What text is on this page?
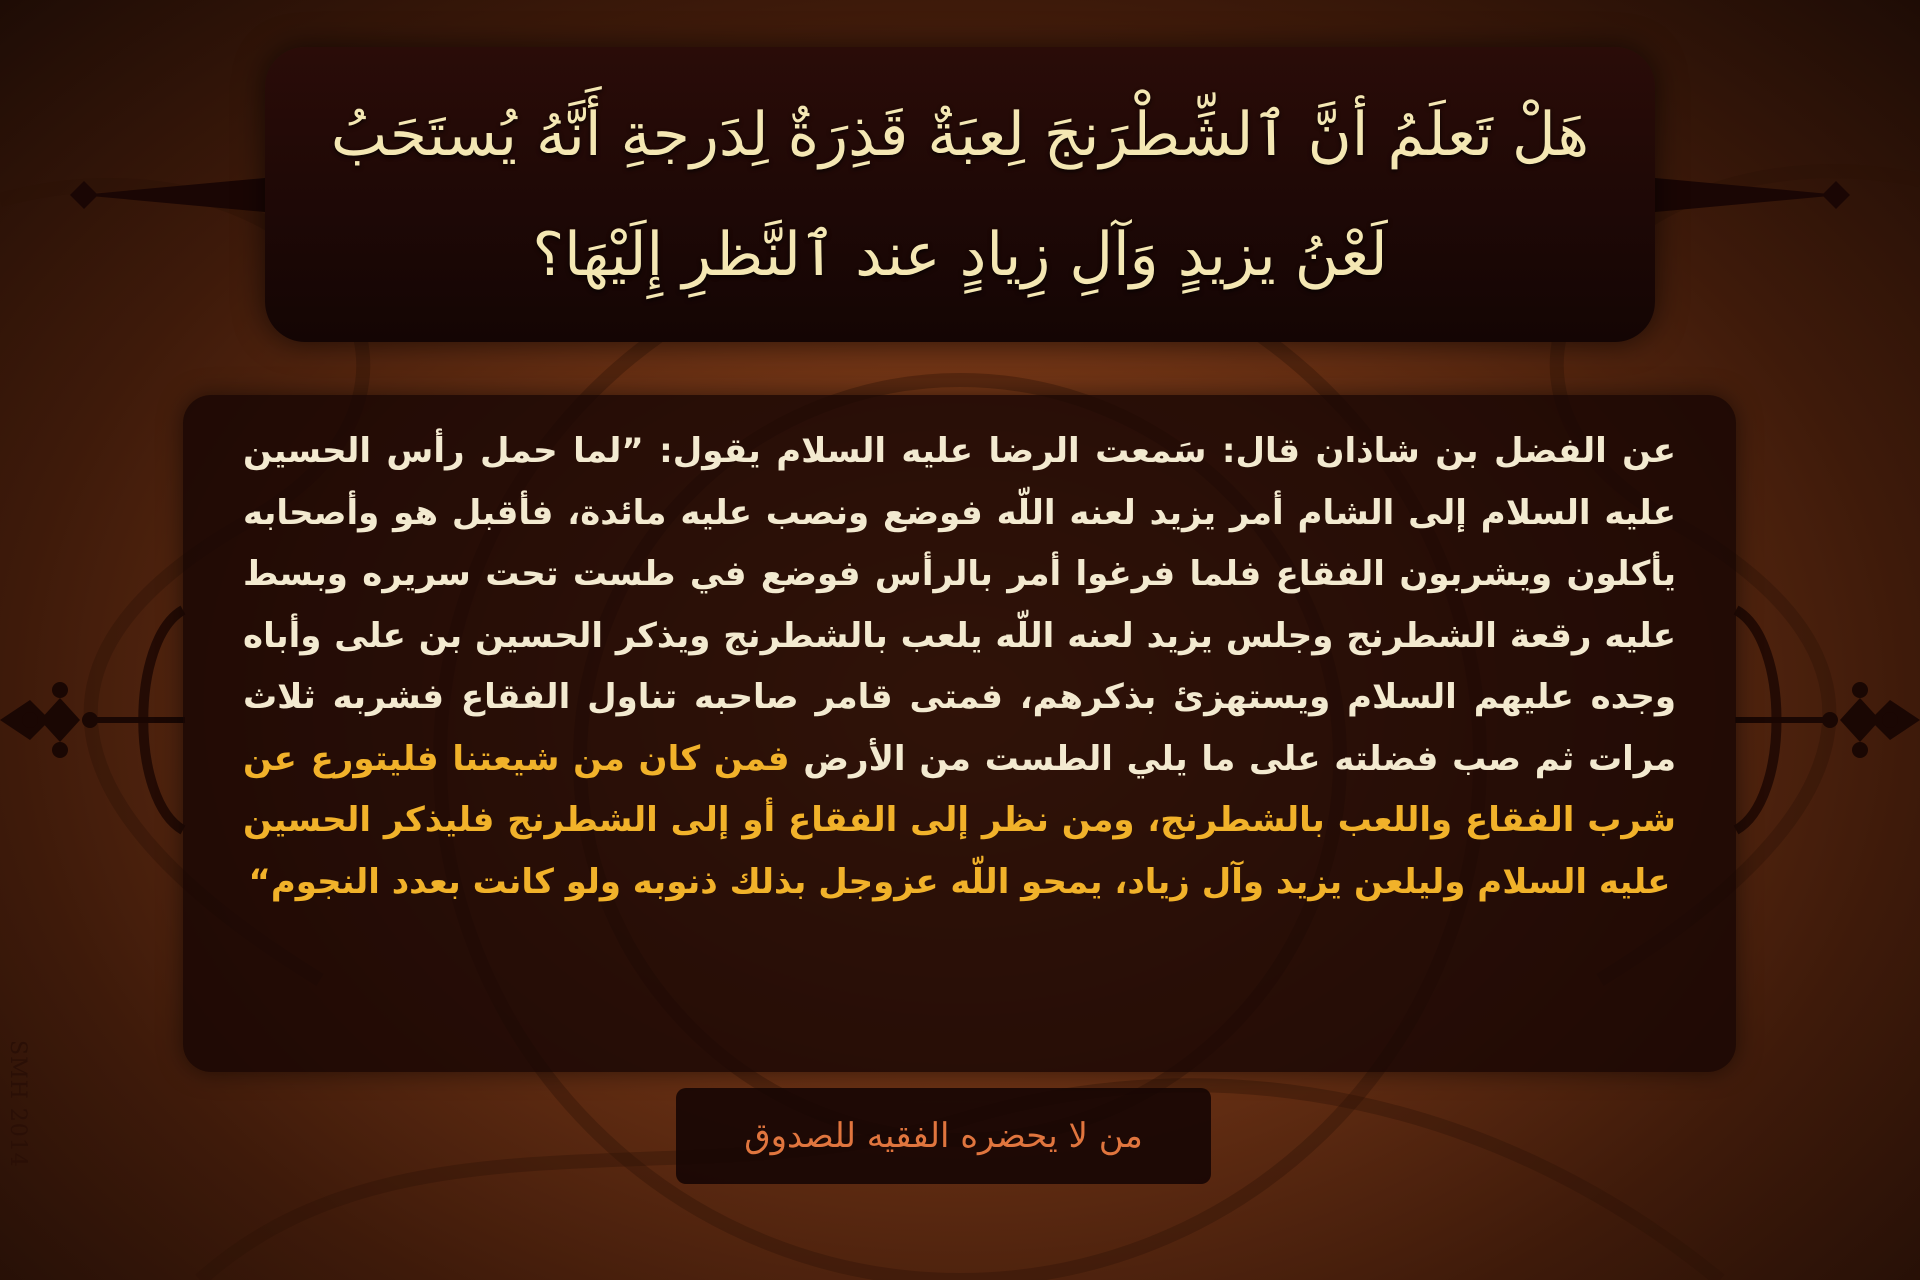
هَلْ تَعلَمُ أنَّ ٱلشِّطْرَنجَ لِعبَةٌ قَذِرَةٌ لِدَرجةِ أَنَّهُ يُستَحَبُ
لَعْنُ يزيدٍ وَآلِ زِيادٍ عند ٱلنَّظرِ إِلَيْهَا؟
عن الفضل بن شاذان قال: سَمعت الرضا عليه السلام يقول: ”لما حمل رأس الحسين عليه السلام إلى الشام أمر يزيد لعنه اللّه فوضع ونصب عليه مائدة، فأقبل هو وأصحابه يأكلون ويشربون الفقاع فلما فرغوا أمر بالرأس فوضع في طست تحت سريره وبسط عليه رقعة الشطرنج وجلس يزيد لعنه اللّه يلعب بالشطرنج ويذكر الحسين بن على وأباه وجده عليهم السلام ويستهزئ بذكرهم، فمتى قامر صاحبه تناول الفقاع فشربه ثلاث مرات ثم صب فضلته على ما يلي الطست من الأرض فمن كان من شيعتنا فليتورع عن شرب الفقاع واللعب بالشطرنج، ومن نظر إلى الفقاع أو إلى الشطرنج فليذكر الحسين عليه السلام وليلعن يزيد وآل زياد، يمحو اللّه عزوجل بذلك ذنوبه ولو كانت بعدد النجوم“
من لا يحضره الفقيه للصدوق
SMH 2014
